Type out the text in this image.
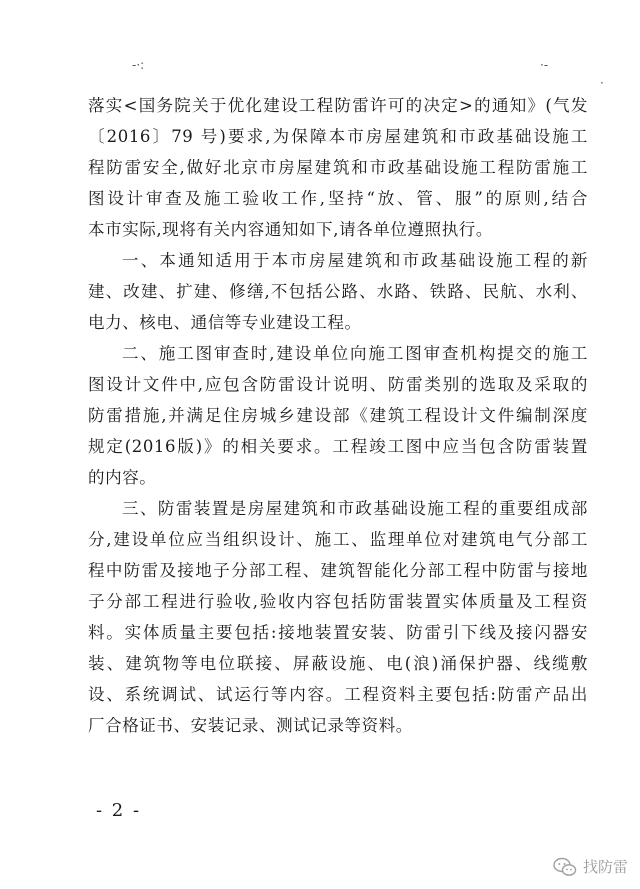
-·:	·-
·
落实<国务院关于优化建设工程防雷许可的决定>的通知》(气发
〔2016〕79 号)要求,为保障本市房屋建筑和市政基础设施工
程防雷安全,做好北京市房屋建筑和市政基础设施工程防雷施工
图设计审查及施工验收工作,坚持“放、管、服”的原则,结合
本市实际,现将有关内容通知如下,请各单位遵照执行。
一、本通知适用于本市房屋建筑和市政基础设施工程的新
建、改建、扩建、修缮,不包括公路、水路、铁路、民航、水利、
电力、核电、通信等专业建设工程。
二、施工图审查时,建设单位向施工图审查机构提交的施工
图设计文件中,应包含防雷设计说明、防雷类别的选取及采取的
防雷措施,并满足住房城乡建设部《建筑工程设计文件编制深度
规定(2016版)》的相关要求。工程竣工图中应当包含防雷装置
的内容。
三、防雷装置是房屋建筑和市政基础设施工程的重要组成部
分,建设单位应当组织设计、施工、监理单位对建筑电气分部工
程中防雷及接地子分部工程、建筑智能化分部工程中防雷与接地
子分部工程进行验收,验收内容包括防雷装置实体质量及工程资
料。实体质量主要包括:接地装置安装、防雷引下线及接闪器安
装、建筑物等电位联接、屏蔽设施、电(浪)涌保护器、线缆敷
设、系统调试、试运行等内容。工程资料主要包括:防雷产品出
厂合格证书、安装记录、测试记录等资料。
- 2 -
找防雷
